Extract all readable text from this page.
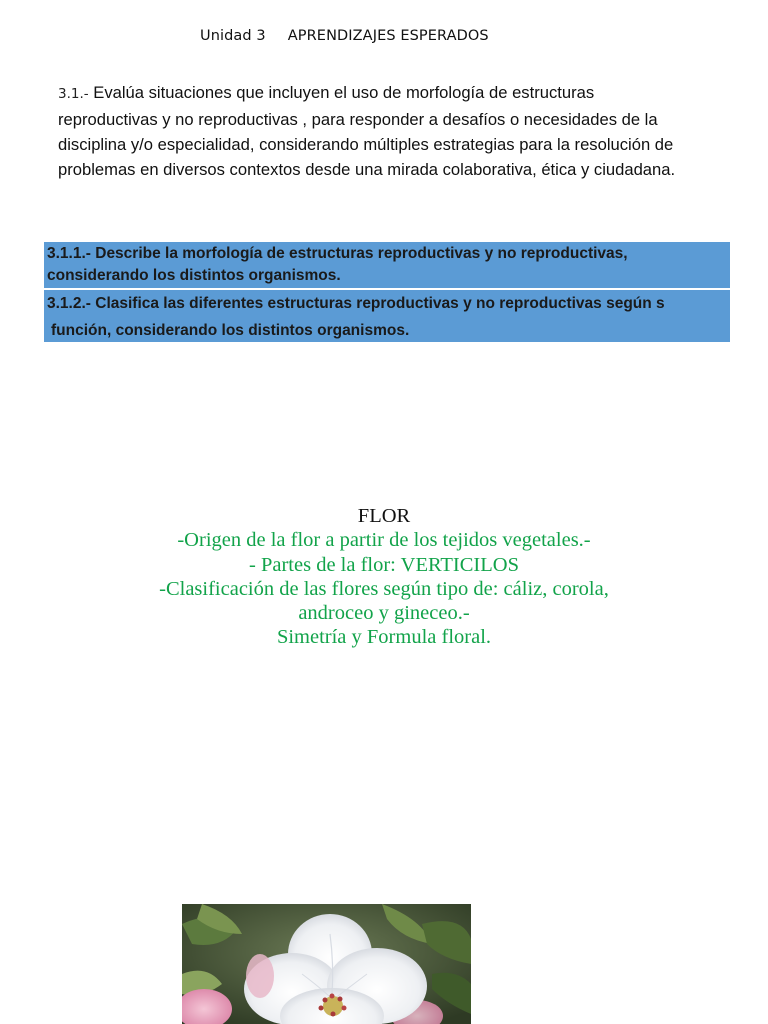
Unidad 3 APRENDIZAJES ESPERADOS
3.1.- Evalúa situaciones que incluyen el uso de morfología de estructuras
reproductivas y no reproductivas , para responder a desafíos o necesidades de la
disciplina y/o especialidad, considerando múltiples estrategias para la resolución de
problemas en diversos contextos desde una mirada colaborativa, ética y ciudadana.
3.1.1.- Describe la morfología de estructuras reproductivas y no reproductivas,
considerando los distintos organismos.
3.1.2.- Clasifica las diferentes estructuras reproductivas y no reproductivas según s
función, considerando los distintos organismos.
FLOR
-Origen de la flor a partir de los tejidos vegetales.-
- Partes de la flor: VERTICILOS
-Clasificación de las flores según tipo de: cáliz, corola,
androceo y gineceo.-
Simetría y Formula floral.
